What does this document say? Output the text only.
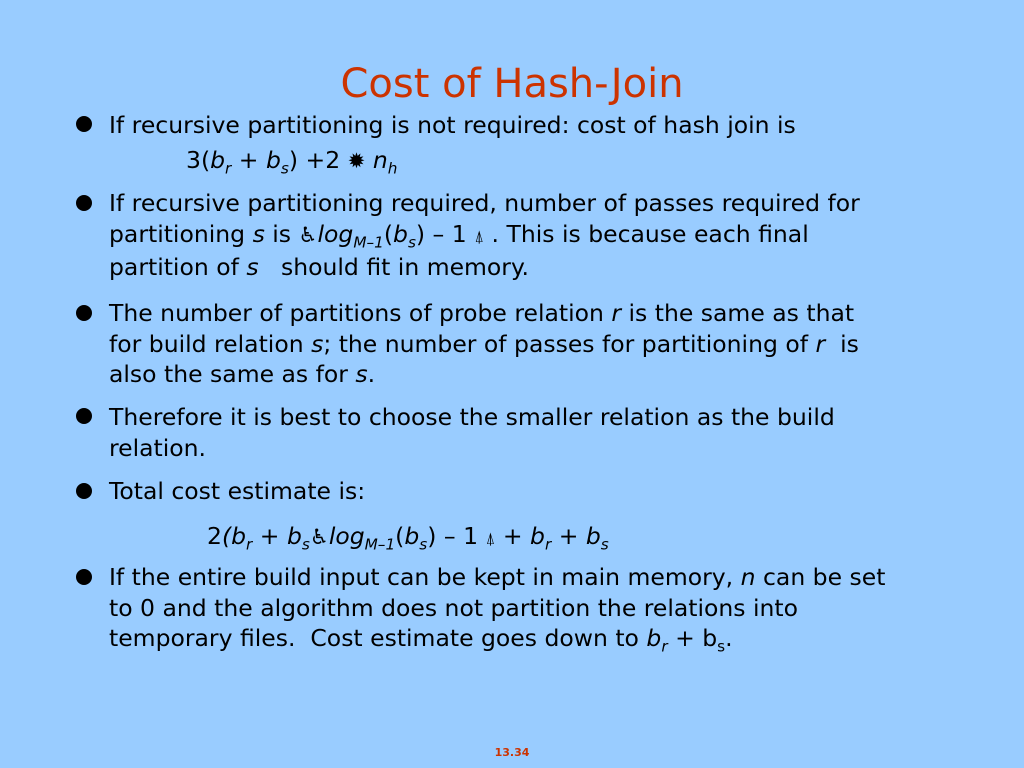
Cost of Hash-Join
If recursive partitioning is not required: cost of hash join is
$3(b_r + b_s) +2$ ✹ $n_h$
If recursive partitioning required, number of passes required for
partitioning s is $♿\log_{M-1}(b_s) - 1$ ⍋ . This is because each final
partition of s   should fit in memory.
The number of partitions of probe relation r is the same as that
for build relation s; the number of passes for partitioning of r  is
also the same as for s.
Therefore it is best to choose the smaller relation as the build
relation.
Total cost estimate is:
$2(b_r$ + $b_s♿\log_{M-1}(b_s) - 1$ ⍋ + $b_r + b_s$
If the entire build input can be kept in main memory, n can be set
to 0 and the algorithm does not partition the relations into
temporary files.  Cost estimate goes down to $b_r + b_s$.
13.34
